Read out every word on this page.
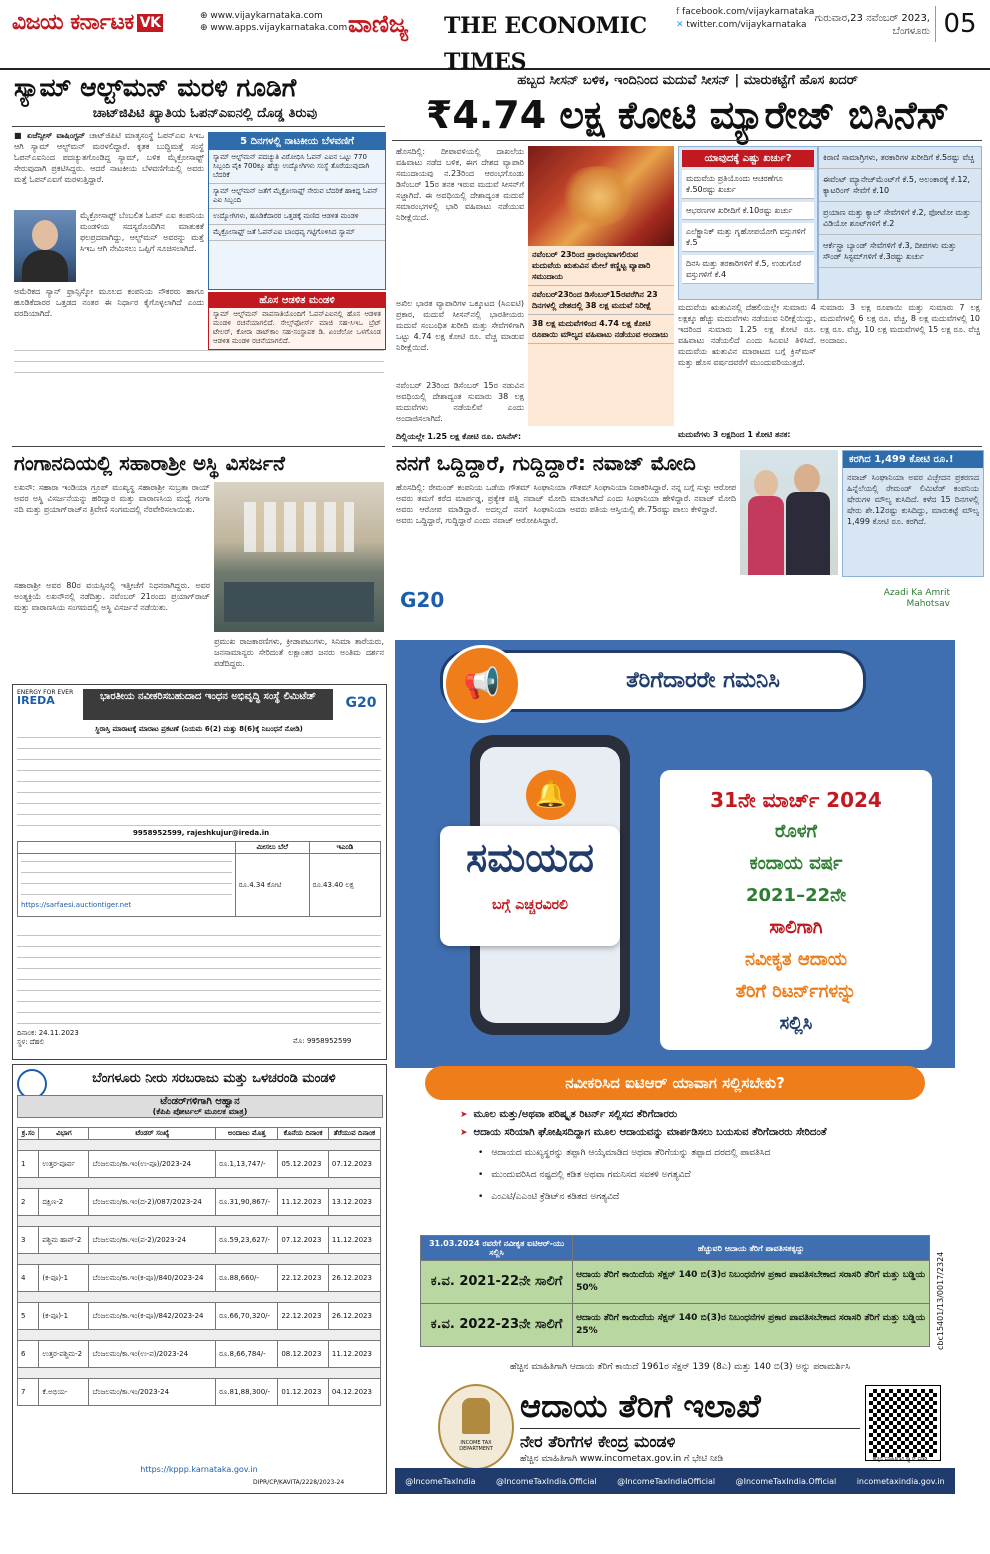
ವಿಜಯ ಕರ್ನಾಟಕ VK	⊕ www.vijaykarnataka.com
⊕ www.apps.vijaykarnataka.com ವಾಣಿಜ್ಯ	THE ECONOMIC TIMES
f facebook.com/vijaykarnataka
✕ twitter.com/vijaykarnataka
ಗುರುವಾರ,23 ನವೆಂಬರ್ 2023,
ಬೆಂಗಳೂರು 05
ಸ್ಯಾಮ್ ಆಲ್ಟ್‌ಮನ್ ಮರಳಿ ಗೂಡಿಗೆ
ಚಾಟ್‌ಜಿಪಿಟಿ ಖ್ಯಾತಿಯ ಓಪನ್‌ಎಐನಲ್ಲಿ ದೊಡ್ಡ ತಿರುವು
■ ಏಜೆನ್ಸೀಸ್ ವಾಷಿಂಗ್ಟನ್ ಚಾಟ್‌ಜಿಪಿಟಿ ಮಾತೃಸಂಸ್ಥೆ ಓಪನ್‌ಎಐ ಸಿಇಒ ಆಗಿ ಸ್ಯಾಮ್ ಆಲ್ಟ್‌ಮನ್ ಮರಳಲಿದ್ದಾರೆ. ಕೃತಕ ಬುದ್ಧಿಮತ್ತೆ ಸಂಸ್ಥೆ ಓಪನ್‌ಎಐನಿಂದ ಪದಚ್ಯುತಗೊಂಡಿದ್ದ ಸ್ಯಾಮ್, ಬಳಿಕ ಮೈಕ್ರೋಸಾಫ್ಟ್ ಸೇರುವುದಾಗಿ ಪ್ರಕಟಿಸಿದ್ದರು. ಆದರೆ ನಾಟಕೀಯ ಬೆಳವಣಿಗೆಯಲ್ಲಿ ಅವರು ಮತ್ತೆ ಓಪನ್‌ಎಐಗೆ ಮರಳುತ್ತಿದ್ದಾರೆ.
ಮೈಕ್ರೋಸಾಫ್ಟ್ ಬೆಂಬಲಿತ ಓಪನ್ ಎಐ ಕಂಪನಿಯ ಮಂಡಳಿಯ ಸದಸ್ಯರೊಂದಿಗಿನ ಮಾತುಕತೆ ಫಲಪ್ರದವಾಗಿದ್ದು, ಆಲ್ಟ್‌ಮನ್ ಅವರನ್ನು ಮತ್ತೆ ಸಿಇಒ ಆಗಿ ನೇಮಿಸಲು ಒಪ್ಪಿಗೆ ಸೂಚಿಸಲಾಗಿದೆ.
ಅಮೆರಿಕದ ಸ್ಯಾನ್ ಫ್ರಾನ್ಸಿಸ್ಕೋ ಮೂಲದ ಕಂಪನಿಯ ನೌಕರರು ಹಾಗೂ ಹೂಡಿಕೆದಾರರ ಒತ್ತಡದ ನಂತರ ಈ ನಿರ್ಧಾರ ಕೈಗೊಳ್ಳಲಾಗಿದೆ ಎಂದು ವರದಿಯಾಗಿದೆ.
5 ದಿನಗಳಲ್ಲಿ ನಾಟಕೀಯ ಬೆಳವಣಿಗೆ
ಸ್ಯಾಮ್ ಆಲ್ಟ್‌ಮನ್ ಪದಚ್ಯುತಿ ವಿರೋಧಿಸಿ ಓಪನ್ ಎಐನ ಒಟ್ಟು 770 ಸಿಬ್ಬಂದಿ ಪೈಕಿ 700ಕ್ಕೂ ಹೆಚ್ಚು ಉದ್ಯೋಗಿಗಳು ಸಂಸ್ಥೆ ತೊರೆಯುವುದಾಗಿ ಬೆದರಿಕೆ
ಸ್ಯಾಮ್ ಆಲ್ಟ್‌ಮನ್ ಜತೆಗೆ ಮೈಕ್ರೋಸಾಫ್ಟ್ ಸೇರುವ ಬೆದರಿಕೆ ಹಾಕಿದ್ದ ಓಪನ್ ಎಐ ಸಿಬ್ಬಂದಿ
ಉದ್ಯೋಗಿಗಳು, ಹೂಡಿಕೆದಾರರ ಒತ್ತಡಕ್ಕೆ ಮಣಿದ ಆಡಳಿತ ಮಂಡಳಿ
ಮೈಕ್ರೋಸಾಫ್ಟ್ ಜತೆ ಓಪನ್‌ಎಐ ಬಾಂಧವ್ಯ ಗಟ್ಟಿಗೊಳಿಸಿದ ಸ್ಯಾಮ್
ಹೊಸ ಆಡಳಿತ ಮಂಡಳಿ
ಸ್ಯಾಮ್ ಆಲ್ಟ್‌ಮನ್ ವಾಪಸಾತಿಯೊಂದಿಗೆ ಓಪನ್‌ಎಐನಲ್ಲಿ ಹೊಸ ಆಡಳಿತ ಮಂಡಳಿ ರಚನೆಯಾಗಲಿದೆ. ಸೇಲ್ಸ್‌ಫೋರ್ಸ್ ಮಾಜಿ ಸಹ-ಸಿಇಒ ಬ್ರೆಟ್ ಟೇಲರ್, ಕೋರಾ ಡಾಟ್‌ಕಾಂ ಸಹ-ಸಂಸ್ಥಾಪಕ ಡಿ. ಏಂಜೆಲೋ ಒಳಗೊಂಡ ಆಡಳಿತ ಮಂಡಳಿ ರಚನೆಯಾಗಲಿದೆ.
ಹಬ್ಬದ ಸೀಸನ್ ಬಳಿಕ, ಇಂದಿನಿಂದ ಮದುವೆ ಸೀಸನ್ | ಮಾರುಕಟ್ಟೆಗೆ ಹೊಸ ಖದರ್
₹4.74 ಲಕ್ಷ ಕೋಟಿ ಮ್ಯಾರೇಜ್ ಬಿಸಿನೆಸ್
ಹೊಸದಿಲ್ಲಿ: ದೀಪಾವಳಿಯಲ್ಲಿ ದಾಖಲೆಯ ವಹಿವಾಟು ನಡೆದ ಬಳಿಕ, ಈಗ ದೇಶದ ವ್ಯಾಪಾರಿ ಸಮುದಾಯವು ನ.23ರಿಂದ ಆರಂಭಗೊಂಡು ಡಿಸೆಂಬರ್ 15ರ ತನಕ ಇರುವ ಮದುವೆ ಸೀಸನ್‌ಗೆ ಸಜ್ಜಾಗಿದೆ. ಈ ಅವಧಿಯಲ್ಲಿ ದೇಶಾದ್ಯಂತ ಮದುವೆ ಸಮಾರಂಭಗಳಲ್ಲಿ ಭಾರಿ ವಹಿವಾಟು ನಡೆಯುವ ನಿರೀಕ್ಷೆಯಿದೆ.
ಅಖಿಲ ಭಾರತ ವ್ಯಾಪಾರಿಗಳ ಒಕ್ಕೂಟದ (ಸಿಎಐಟಿ) ಪ್ರಕಾರ, ಮದುವೆ ಸೀಸನ್‌ನಲ್ಲಿ ಭಾರತೀಯರು ಮದುವೆ ಸಂಬಂಧಿತ ಖರೀದಿ ಮತ್ತು ಸೇವೆಗಳಿಗಾಗಿ ಒಟ್ಟು 4.74 ಲಕ್ಷ ಕೋಟಿ ರೂ. ವೆಚ್ಚ ಮಾಡುವ ನಿರೀಕ್ಷೆಯಿದೆ.
ನವೆಂಬರ್ 23ರಿಂದ ಡಿಸೆಂಬರ್ 15ರ ನಡುವಿನ ಅವಧಿಯಲ್ಲಿ ದೇಶಾದ್ಯಂತ ಸುಮಾರು 38 ಲಕ್ಷ ಮದುವೆಗಳು ನಡೆಯಲಿವೆ ಎಂದು ಅಂದಾಜಿಸಲಾಗಿದೆ.
ದಿಲ್ಲಿಯಲ್ಲೇ 1.25 ಲಕ್ಷ ಕೋಟಿ ರೂ. ಬಿಸಿನೆಸ್:
ನವೆಂಬರ್ 23ರಿಂದ ಪ್ರಾರಂಭವಾಗಲಿರುವ ಮದುವೆಯ ಋತುವಿನ ಮೇಲೆ ಕಣ್ಣಿಟ್ಟ ವ್ಯಾಪಾರಿ ಸಮುದಾಯ
ನವೆಂಬರ್23ರಿಂದ ಡಿಸೆಂಬರ್15ರವರೆಗಿನ 23 ದಿನಗಳಲ್ಲಿ ದೇಶದಲ್ಲಿ 38 ಲಕ್ಷ ಮದುವೆ ನಿರೀಕ್ಷೆ
38 ಲಕ್ಷ ಮದುವೆಗಳಿಂದ 4.74 ಲಕ್ಷ ಕೋಟಿ ರೂಪಾಯಿ ಮೌಲ್ಯದ ವಹಿವಾಟು ನಡೆಯುವ ಅಂದಾಜು
ಯಾವುದಕ್ಕೆ ಎಷ್ಟು ಖರ್ಚು?
ಮದುವೆಯ ಪ್ರತಿಯೊಂದು ಆಚರಣೆಗೂ ಕೆ.50ರಷ್ಟು ಖರ್ಚು
ಆಭರಣಗಳ ಖರೀದಿಗೆ ಕೆ.10ರಷ್ಟು ಖರ್ಚು
ಎಲೆಕ್ಟ್ರಾನಿಕ್ ಮತ್ತು ಗೃಹೋಪಯೋಗಿ ವಸ್ತುಗಳಿಗೆ ಕೆ.5
ದಿನಸಿ ಮತ್ತು ತರಕಾರಿಗಳಿಗೆ ಕೆ.5, ಉಡುಗೊರೆ ವಸ್ತುಗಳಿಗೆ ಕೆ.4
ಕಿರಾಣಿ ಸಾಮಾಗ್ರಿಗಳು, ತರಕಾರಿಗಳ ಖರೀದಿಗೆ ಕೆ.5ರಷ್ಟು ವೆಚ್ಚ
ಈವೆಂಟ್ ಮ್ಯಾನೇಜ್‌ಮೆಂಟ್‌ಗೆ ಕೆ.5, ಅಲಂಕಾರಕ್ಕೆ ಕೆ.12, ಕ್ಯಾಟರಿಂಗ್ ಸೇವೆಗೆ ಕೆ.10
ಪ್ರಯಾಣ ಮತ್ತು ಕ್ಯಾಬ್ ಸೇವೆಗಳಿಗೆ ಕೆ.2, ಫೋಟೋ ಮತ್ತು ವಿಡಿಯೋ ಶೂಟ್‌ಗಳಿಗೆ ಕೆ.2
ಆರ್ಕೆಸ್ಟ್ರಾ ಬ್ಯಾಂಡ್ ಸೇವೆಗಳಿಗೆ ಕೆ.3, ದೀಪಗಳು ಮತ್ತು ಸೌಂಡ್ ಸಿಸ್ಟಮ್‌ಗಳಿಗೆ ಕೆ.3ರಷ್ಟು ಖರ್ಚು
ಮದುವೆಯ ಋತುವಿನಲ್ಲಿ ದೆಹಲಿಯಲ್ಲೇ ಸುಮಾರು 4 ಲಕ್ಷಕ್ಕೂ ಹೆಚ್ಚು ಮದುವೆಗಳು ನಡೆಯುವ ನಿರೀಕ್ಷೆಯಿದ್ದು, ಇದರಿಂದ ಸುಮಾರು 1.25 ಲಕ್ಷ ಕೋಟಿ ರೂ. ವಹಿವಾಟು ನಡೆಯಲಿದೆ ಎಂದು ಸಿಎಐಟಿ ತಿಳಿಸಿದೆ. ಮದುವೆಯ ಋತುವಿನ ಮಾರಾಟದ ಬಗ್ಗೆ ಕ್ರಿಸ್‌ಮಸ್ ಮತ್ತು ಹೊಸ ವರ್ಷದವರೆಗೆ ಮುಂದುವರಿಯುತ್ತದೆ.
ಸುಮಾರು 3 ಲಕ್ಷ ರೂಪಾಯಿ ಮತ್ತು ಸುಮಾರು 7 ಲಕ್ಷ ಮದುವೆಗಳಲ್ಲಿ 6 ಲಕ್ಷ ರೂ. ವೆಚ್ಚ, 8 ಲಕ್ಷ ಮದುವೆಗಳಲ್ಲಿ 10 ಲಕ್ಷ ರೂ. ವೆಚ್ಚ, 10 ಲಕ್ಷ ಮದುವೆಗಳಲ್ಲಿ 15 ಲಕ್ಷ ರೂ. ವೆಚ್ಚ ಅಂದಾಜು.
ಮದುವೆಗಳು 3 ಲಕ್ಷದಿಂದ 1 ಕೋಟಿ ತನಕ:
ಗಂಗಾನದಿಯಲ್ಲಿ ಸಹಾರಾಶ್ರೀ ಅಸ್ಥಿ ವಿಸರ್ಜನೆ
ಲಖನೌ: ಸಹಾರಾ ಇಂಡಿಯಾ ಗ್ರೂಪ್ ಮುಖ್ಯಸ್ಥ ಸಹಾರಾಶ್ರೀ ಸುಬ್ರತಾ ರಾಯ್ ಅವರ ಅಸ್ಥಿ ವಿಸರ್ಜನೆಯನ್ನು ಹರಿದ್ವಾರ ಮತ್ತು ವಾರಾಣಸಿಯ ಮಧ್ಯೆ ಗಂಗಾ ನದಿ ಮತ್ತು ಪ್ರಯಾಗ್‌ರಾಜ್‌ನ ತ್ರಿವೇಣಿ ಸಂಗಮದಲ್ಲಿ ನೆರವೇರಿಸಲಾಯಿತು.
ಸಹಾರಾಶ್ರೀ ಅವರ 80ರ ವಯಸ್ಸಿನಲ್ಲಿ ಇತ್ತೀಚೆಗೆ ನಿಧನರಾಗಿದ್ದರು. ಅವರ ಅಂತ್ಯಕ್ರಿಯೆ ಲಖನೌನಲ್ಲಿ ನಡೆದಿತ್ತು. ನವೆಂಬರ್ 21ರಂದು ಪ್ರಯಾಗ್‌ರಾಜ್ ಮತ್ತು ವಾರಾಣಸಿಯ ಸಂಗಮದಲ್ಲಿ ಅಸ್ಥಿ ವಿಸರ್ಜನೆ ನಡೆಯಿತು.
ಪ್ರಮುಖ ರಾಜಕಾರಣಿಗಳು, ಕ್ರೀಡಾಪಟುಗಳು, ಸಿನಿಮಾ ತಾರೆಯರು, ಜನಸಾಮಾನ್ಯರು ಸೇರಿದಂತೆ ಲಕ್ಷಾಂತರ ಜನರು ಅಂತಿಮ ದರ್ಶನ ಪಡೆದಿದ್ದರು.
ನನಗೆ ಒದ್ದಿದ್ದಾರೆ, ಗುದ್ದಿದ್ದಾರೆ: ನವಾಜ್ ಮೋದಿ
ಹೊಸದಿಲ್ಲಿ: ರೇಮಂಡ್ ಕಂಪನಿಯ ಒಡೆಯ ಗೌತಮ್ ಸಿಂಘಾನಿಯಾ ಅವರು ತಮಗೆ ಕರೆದ ಮಾರ್ಪಡ್ಡ, ಪ್ರತ್ಯೇಕ ಪತ್ನಿ ನವಾಜ್ ಮೋದಿ ಅವರು ಆರೋಪ ಮಾಡಿದ್ದಾರೆ. ಅದಲ್ಲದೆ ನನಗೆ ಸಿಂಘಾನಿಯಾ ಅವರು ಒದ್ದಿದ್ದಾರೆ, ಗುದ್ದಿದ್ದಾರೆ ಎಂದು ನವಾಜ್ ಆರೋಪಿಸಿದ್ದಾರೆ.
ಗೌತಮ್ ಸಿಂಘಾನಿಯಾ ನಿರಾಕರಿಸಿದ್ದಾರೆ. ನನ್ನ ಬಗ್ಗೆ ಸುಳ್ಳು ಆರೋಪ ಮಾಡಲಾಗಿದೆ ಎಂದು ಸಿಂಘಾನಿಯಾ ಹೇಳಿದ್ದಾರೆ. ನವಾಜ್ ಮೋದಿ ಅವರು ಪತಿಯ ಆಸ್ತಿಯಲ್ಲಿ ಶೇ.75ರಷ್ಟು ಪಾಲು ಕೇಳಿದ್ದಾರೆ.
ಕರಗಿದ 1,499 ಕೋಟಿ ರೂ.!
ನವಾಜ್ ಸಿಂಘಾನಿಯಾ ಅವರ ವಿಚ್ಛೇದನ ಪ್ರಕರಣದ ಹಿನ್ನೆಲೆಯಲ್ಲಿ ರೇಮಂಡ್ ಲಿಮಿಟೆಡ್ ಕಂಪನಿಯ ಷೇರುಗಳ ಮೌಲ್ಯ ಕುಸಿದಿದೆ. ಕಳೆದ 15 ದಿನಗಳಲ್ಲಿ ಷೇರು ಶೇ.12ರಷ್ಟು ಕುಸಿದಿದ್ದು, ಮಾರುಕಟ್ಟೆ ಮೌಲ್ಯ 1,499 ಕೋಟಿ ರೂ. ಕರಗಿದೆ.
ENERGY FOR EVER
IREDA	ಭಾರತೀಯ ನವೀಕರಿಸಬಹುದಾದ ಇಂಧನ ಅಭಿವೃದ್ಧಿ ಸಂಸ್ಥೆ ಲಿಮಿಟೆಡ್	G20
ಸ್ಥಿರಾಸ್ತಿ ಮಾರಾಟಕ್ಕೆ ಮಾರಾಟ ಪ್ರಕಟಣೆ (ನಿಯಮ 6(2) ಮತ್ತು 8(6)ಕ್ಕೆ ನಿಬಂಧನೆ ನೋಡಿ)
9958952599, rajeshkujur@ireda.in
	ಮೀಸಲು ಬೆಲೆ	ಇಎಂಡಿ

https://sarfaesi.auctiontiger.net	ರೂ.4.34 ಕೋಟಿ	ರೂ.43.40 ಲಕ್ಷ
ದಿನಾಂಕ: 24.11.2023
ಸ್ಥಳ: ದೆಹಲಿ	ಮೊ: 9958952599
ಬೆಂಗಳೂರು ನೀರು ಸರಬರಾಜು ಮತ್ತು ಒಳಚರಂಡಿ ಮಂಡಳಿ
ಟೆಂಡರ್‌ಗಳಿಗಾಗಿ ಆಹ್ವಾನ
(ಕೆಪಿಪಿ ಪೋರ್ಟಲ್ ಮೂಲಕ ಮಾತ್ರ)
ಕ್ರ.ಸಂ	ವಿಭಾಗ	ಟೆಂಡರ್ ಸಂಖ್ಯೆ	ಅಂದಾಜು ಮೊತ್ತ	ಕೊನೆಯ ದಿನಾಂಕ	ತೆರೆಯುವ ದಿನಾಂಕ

1	ಉತ್ತರ-ಪೂರ್ವ	ಬೆಂಜಲಮಂ/ಕಾ.ಇಂ(ಉ-ಪೂ)/2023-24	ರೂ.1,13,747/-	05.12.2023	07.12.2023

2	ದಕ್ಷಿಣ-2	ಬೆಂಜಲಮಂ/ಕಾ.ಇಂ(ದ-2)/087/2023-24	ರೂ.31,90,867/-	11.12.2023	13.12.2023

3	ಪಶ್ಚಿಮ ಹಾವ್-2	ಬೆಂಜಲಮಂ/ಕಾ.ಇಂ(ಪ-2)/2023-24	ರೂ.59,23,627/-	07.12.2023	11.12.2023

4	(ಕ-ಪೂ)-1	ಬೆಂಜಲಮಂ/ಕಾ.ಇಂ(ಕ-ಪೂ)/840/2023-24	ರೂ.88,660/-	22.12.2023	26.12.2023

5	(ಕ-ಪೂ)-1	ಬೆಂಜಲಮಂ/ಕಾ.ಇಂ(ಕ-ಪೂ)/842/2023-24	ರೂ.66,70,320/-	22.12.2023	26.12.2023

6	ಉತ್ತರ-ಪಶ್ಚಿಮ-2	ಬೆಂಜಲಮಂ/ಕಾ.ಇಂ(ಉ-ಪ)/2023-24	ರೂ.8,66,784/-	08.12.2023	11.12.2023

7	ಕೆ.ಅಭಿಯ-	ಬೆಂಜಲಮಂ/ಕಾ.ಇಂ/2023-24	ರೂ.81,88,300/-	01.12.2023	04.12.2023
https://kppp.karnataka.gov.in
DIPR/CP/KAVITA/2228/2023-24
G20	Azadi Ka Amrit Mahotsav
📢	ತೆರಿಗೆದಾರರೇ ಗಮನಿಸಿ
🔔
ಸಮಯದ
ಬಗ್ಗೆ ಎಚ್ಚರವಿರಲಿ
31ನೇ ಮಾರ್ಚ್ 2024
ರೊಳಗೆ
ಕಂದಾಯ ವರ್ಷ
2021–22ನೇ
ಸಾಲಿಗಾಗಿ
ನವೀಕೃತ ಆದಾಯ
ತೆರಿಗೆ ರಿಟರ್ನ್‌ಗಳನ್ನು
ಸಲ್ಲಿಸಿ
ನವೀಕರಿಸಿದ ಐಟಿಆರ್ ಯಾವಾಗ ಸಲ್ಲಿಸಬೇಕು?
➤ ಮೂಲ ಮತ್ತು/ಅಥವಾ ಪರಿಷ್ಕೃತ ರಿಟರ್ನ್ ಸಲ್ಲಿಸದ ತೆರಿಗೆದಾರರು
➤ ಆದಾಯ ಸರಿಯಾಗಿ ಘೋಷಿಸದಿದ್ದಾಗ ಮೂಲ ಆದಾಯವನ್ನು ಮಾರ್ಪಡಿಸಲು ಬಯಸುವ ತೆರಿಗೆದಾರರು ಸೇರಿದಂತೆ
• ಆದಾಯದ ಮುಖ್ಯಸ್ಥರನ್ನು ತಪ್ಪಾಗಿ ಆಯ್ಕೆಮಾಡಿದ ಅಥವಾ ತೆರಿಗೆಯನ್ನು ತಪ್ಪಾದ ದರದಲ್ಲಿ ಪಾವತಿಸಿದ
• ಮುಂದುವರಿಸಿದ ನಷ್ಟದಲ್ಲಿ ಕಡಿತ ಅಥವಾ ಗಮನಿಸದ ಸವಕಳಿ ಅಗತ್ಯವಿದೆ
• ಎಂಎಟಿ/ಎಎಂಟಿ ಕ್ರೆಡಿಟ್‌ನ ಕಡಿತದ ಅಗತ್ಯವಿದೆ
31.03.2024 ರವರೆಗೆ ನವೀಕೃತ ಐಟಿಆರ್‌-ಯು ಸಲ್ಲಿಸಿ	ಹೆಚ್ಚುವರಿ ಆದಾಯ ತೆರಿಗೆ ಪಾವತಿಸತಕ್ಕದ್ದು
ಕ.ವ. 2021-22ನೇ ಸಾಲಿಗೆ	ಆದಾಯ ತೆರಿಗೆ ಕಾಯಿದೆಯ ಸೆಕ್ಷನ್ 140 ಬಿ(3)ರ ನಿಬಂಧನೆಗಳ ಪ್ರಕಾರ ಪಾವತಿಸಬೇಕಾದ ಸರಾಸರಿ ತೆರಿಗೆ ಮತ್ತು ಬಡ್ಡಿಯ 50%
ಕ.ವ. 2022-23ನೇ ಸಾಲಿಗೆ	ಆದಾಯ ತೆರಿಗೆ ಕಾಯಿದೆಯ ಸೆಕ್ಷನ್ 140 ಬಿ(3)ರ ನಿಬಂಧನೆಗಳ ಪ್ರಕಾರ ಪಾವತಿಸಬೇಕಾದ ಸರಾಸರಿ ತೆರಿಗೆ ಮತ್ತು ಬಡ್ಡಿಯ 25%	cbc15401/13/0017/2324
ಹೆಚ್ಚಿನ ಮಾಹಿತಿಗಾಗಿ ಆದಾಯ ತೆರಿಗೆ ಕಾಯಿದೆ 1961ರ ಸೆಕ್ಷನ್ 139 (8ಎ) ಮತ್ತು 140 ಬಿ(3) ಅನ್ನು ಪರಾಮರ್ಶಿಸಿ
INCOME TAX DEPARTMENT
ಆದಾಯ ತೆರಿಗೆ ಇಲಾಖೆ
ನೇರ ತೆರಿಗೆಗಳ ಕೇಂದ್ರ ಮಂಡಳಿ
ಹೆಚ್ಚಿನ ಮಾಹಿತಿಗಾಗಿ www.incometax.gov.in ಗೆ ಭೇಟಿ ನೀಡಿ	ಹೆಚ್ಚಿನ ಮಾಹಿತಿಗಾಗಿ ಸ್ಕ್ಯಾನ್ ಮಾಡಿ
@IncomeTaxIndia	@IncomeTaxIndia.Official	@IncomeTaxIndiaOfficial	@IncomeTaxIndia.Official	incometaxindia.gov.in
